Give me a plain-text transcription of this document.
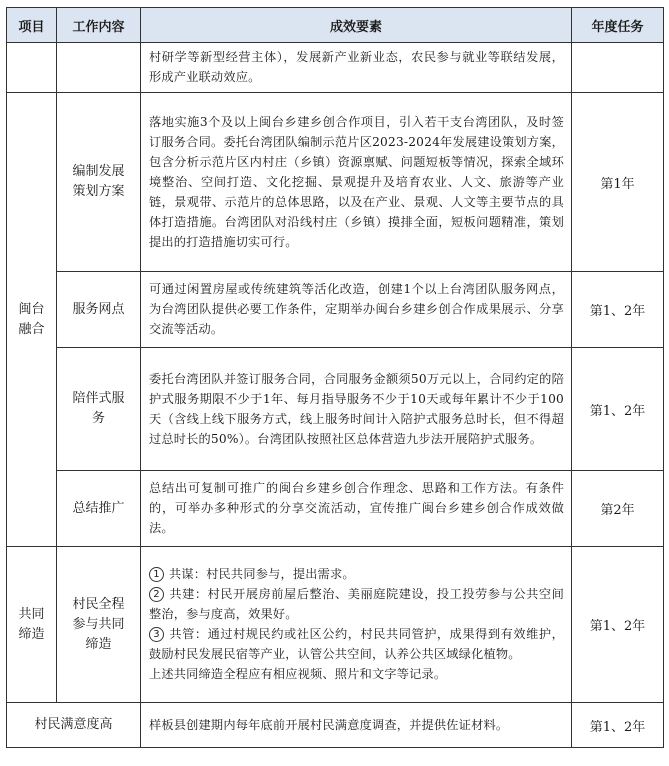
项目	工作内容	成效要素	年度任务
		村研学等新型经营主体），发展新产业新业态，农民参与就业等联结发展，形成产业联动效应。	
闽台融合	编制发展策划方案	落地实施3个及以上闽台乡建乡创合作项目，引入若干支台湾团队，及时签订服务合同。委托台湾团队编制示范片区2023-2024年发展建设策划方案，包含分析示范片区内村庄（乡镇）资源禀赋、问题短板等情况，探索全域环境整治、空间打造、文化挖掘、景观提升及培育农业、人文、旅游等产业链，景观带、示范片的总体思路，以及在产业、景观、人文等主要节点的具体打造措施。台湾团队对沿线村庄（乡镇）摸排全面，短板问题精准，策划提出的打造措施切实可行。	第1年
	服务网点	可通过闲置房屋或传统建筑等活化改造，创建1个以上台湾团队服务网点，为台湾团队提供必要工作条件，定期举办闽台乡建乡创合作成果展示、分享交流等活动。	第1、2年
	陪伴式服务	委托台湾团队并签订服务合同，合同服务金额须50万元以上，合同约定的陪护式服务期限不少于1年、每月指导服务不少于10天或每年累计不少于100天（含线上线下服务方式，线上服务时间计入陪护式服务总时长，但不得超过总时长的50%）。台湾团队按照社区总体营造九步法开展陪护式服务。	第1、2年
	总结推广	总结出可复制可推广的闽台乡建乡创合作理念、思路和工作方法。有条件的，可举办多种形式的分享交流活动，宣传推广闽台乡建乡创合作成效做法。	第2年
共同缔造	村民全程参与共同缔造	1 共谋：村民共同参与，提出需求。
2 共建：村民开展房前屋后整治、美丽庭院建设，投工投劳参与公共空间整治，参与度高，效果好。
3 共管：通过村规民约或社区公约，村民共同管护，成果得到有效维护，鼓励村民发展民宿等产业，认管公共空间，认养公共区域绿化植物。
上述共同缔造全程应有相应视频、照片和文字等记录。	第1、2年
村民满意度高		样板县创建期内每年底前开展村民满意度调查，并提供佐证材料。	第1、2年
